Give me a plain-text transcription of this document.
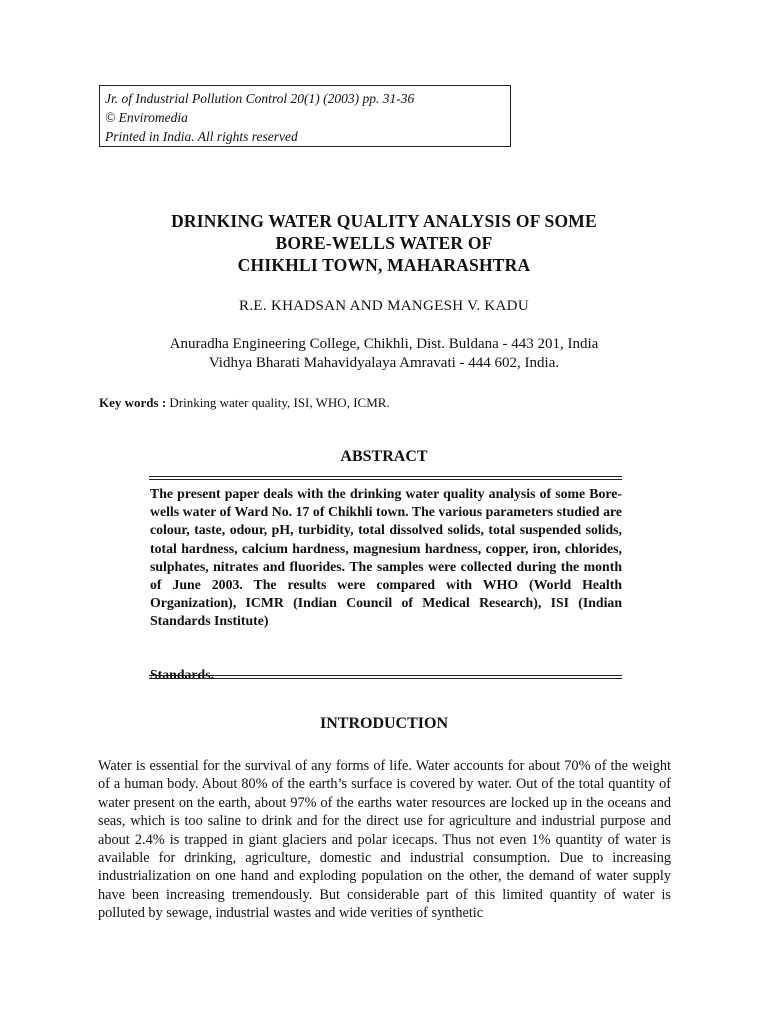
Jr. of Industrial Pollution Control 20(1) (2003) pp. 31-36
© Enviromedia
Printed in India. All rights reserved
DRINKING WATER QUALITY ANALYSIS OF SOME
BORE-WELLS WATER OF
CHIKHLI TOWN, MAHARASHTRA
R.E. KHADSAN AND MANGESH V. KADU
Anuradha Engineering College, Chikhli, Dist. Buldana - 443 201, India
Vidhya Bharati Mahavidyalaya Amravati - 444 602, India.
Key words : Drinking water quality, ISI, WHO, ICMR.
ABSTRACT
The present paper deals with the drinking water quality analysis of some Bore-wells water of Ward No. 17 of Chikhli town. The various parameters studied are colour, taste, odour, pH, turbidity, total dissolved solids, total suspended solids, total hardness, calcium hardness, magnesium hardness, copper, iron, chlorides, sulphates, nitrates and fluorides. The samples were collected during the month of June 2003. The results were compared with WHO (World Health Organization), ICMR (Indian Council of Medical Research), ISI (Indian Standards Institute)
Standards.
INTRODUCTION
Water is essential for the survival of any forms of life. Water accounts for about 70% of the weight of a human body. About 80% of the earth’s surface is covered by water. Out of the total quantity of water present on the earth, about 97% of the earths water resources are locked up in the oceans and seas, which is too saline to drink and for the direct use for agriculture and industrial purpose and about 2.4% is trapped in giant glaciers and polar icecaps. Thus not even 1% quantity of water is available for drinking, agriculture, domestic and industrial consumption. Due to increasing industrialization on one hand and exploding population on the other, the demand of water supply have been increasing tremendously. But considerable part of this limited quantity of water is polluted by sewage, industrial wastes and wide verities of synthetic
